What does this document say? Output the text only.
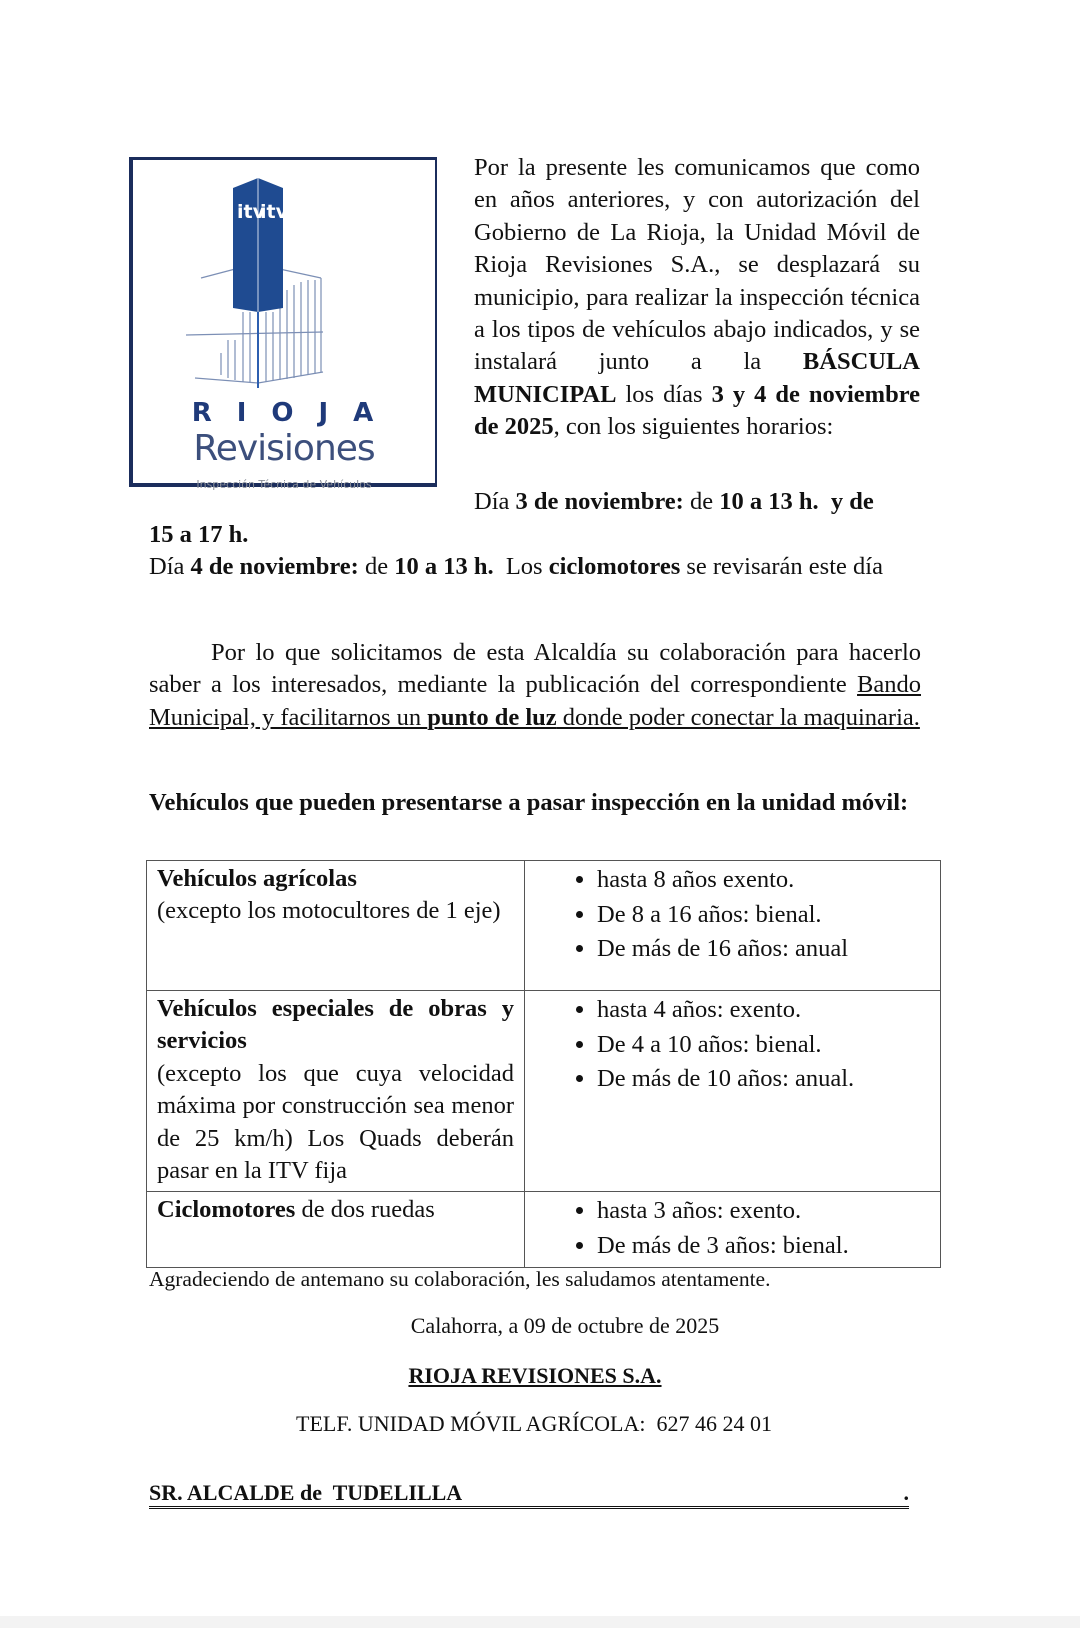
itv
itv
RIOJA
Revisiones
Inspección Técnica de Vehículos

Por la presente les comunicamos que como en años anteriores, y con autorización del Gobierno de La Rioja, la Unidad Móvil de Rioja Revisiones S.A., se desplazará su municipio, para realizar la inspección técnica a los tipos de vehículos abajo indicados, y se instalará junto a la BÁSCULA MUNICIPAL los días 3 y 4 de noviembre de 2025, con los siguientes horarios:

Día 3 de noviembre: de 10 a 13 h.  y de

15 a 17 h.

Día 4 de noviembre: de 10 a 13 h.  Los ciclomotores se revisarán este día

Por lo que solicitamos de esta Alcaldía su colaboración para hacerlo saber a los interesados, mediante la publicación del correspondiente Bando Municipal, y facilitarnos un punto de luz donde poder conectar la maquinaria.
Vehículos que pueden presentarse a pasar inspección en la unidad móvil:
Vehículos agrícolas
(excepto los motocultores de 1 eje)	
• hasta 8 años exento.
• De 8 a 16 años: bienal.
• De más de 16 años: anual

Vehículos especiales de obras y servicios
(excepto los que cuya velocidad máxima por construcción sea menor de 25 km/h) Los Quads deberán pasar en la ITV fija	
• hasta 4 años: exento.
• De 4 a 10 años: bienal.
• De más de 10 años: anual.

Ciclomotores de dos ruedas	
•hasta 3 años: exento.
• De más de 3 años: bienal.
Agradeciendo de antemano su colaboración, les saludamos atentamente.
Calahorra, a 09 de octubre de 2025
RIOJA REVISIONES S.A.
TELF. UNIDAD MÓVIL AGRÍCOLA:  627 46 24 01
SR. ALCALDE de  TUDELILLA	.
